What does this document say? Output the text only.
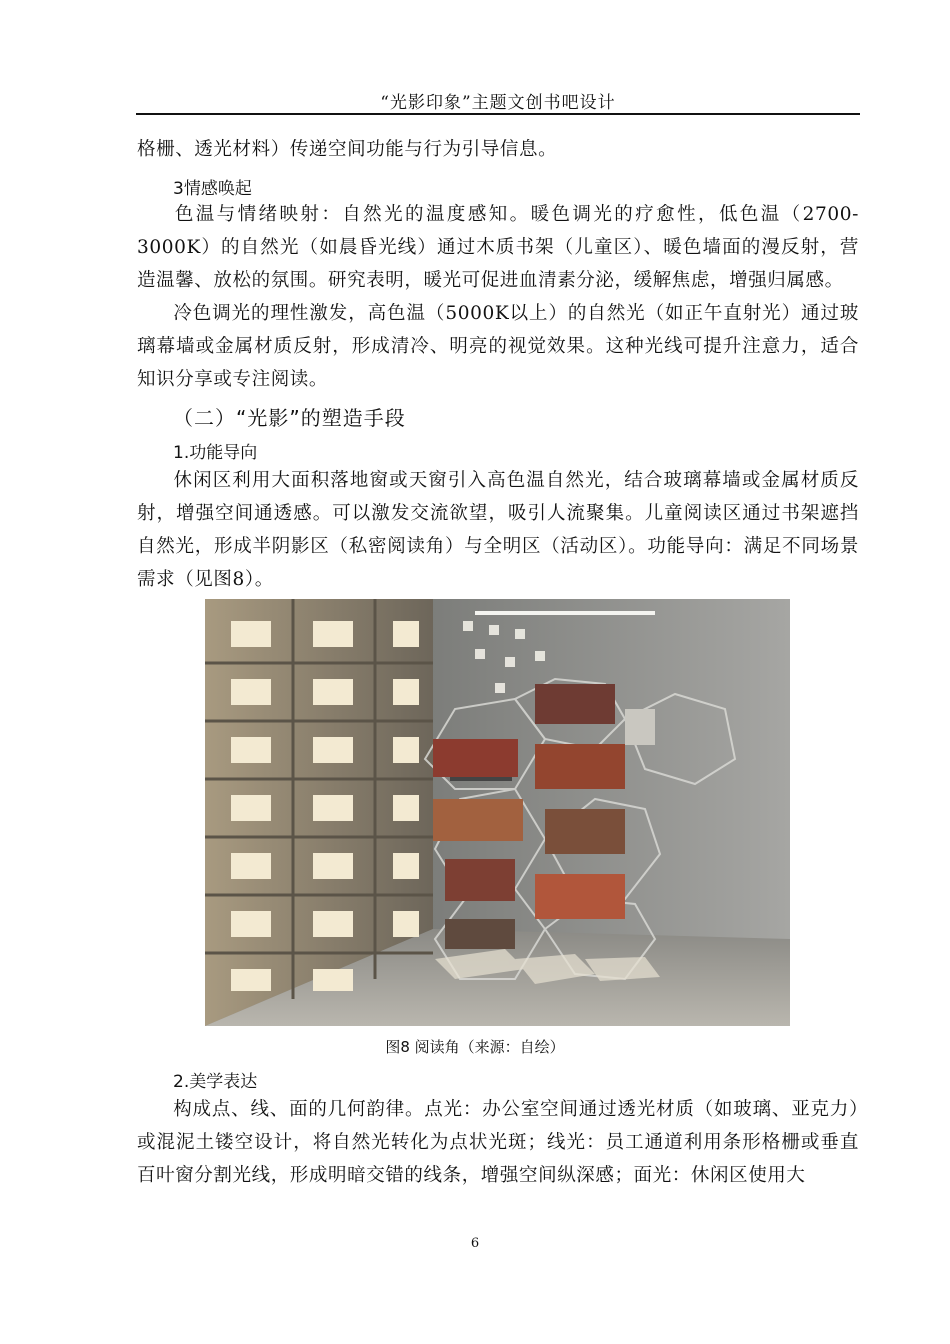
“光影印象”主题文创书吧设计

格栅、透光材料）传递空间功能与行为引导信息。

3情感唤起

色温与情绪映射：自然光的温度感知。暖色调光的疗愈性，低色温（2700-3000K）的自然光（如晨昏光线）通过木质书架（儿童区）、暖色墙面的漫反射，营造温馨、放松的氛围。研究表明，暖光可促进血清素分泌，缓解焦虑，增强归属感。

冷色调光的理性激发，高色温（5000K以上）的自然光（如正午直射光）通过玻璃幕墙或金属材质反射，形成清冷、明亮的视觉效果。这种光线可提升注意力，适合知识分享或专注阅读。

（二）“光影”的塑造手段

1.功能导向

休闲区利用大面积落地窗或天窗引入高色温自然光，结合玻璃幕墙或金属材质反射，增强空间通透感。可以激发交流欲望，吸引人流聚集。儿童阅读区通过书架遮挡自然光，形成半阴影区（私密阅读角）与全明区（活动区）。功能导向：满足不同场景需求（见图8）。

图8 阅读角（来源：自绘）

2.美学表达

构成点、线、面的几何韵律。点光：办公室空间通过透光材质（如玻璃、亚克力）或混泥土镂空设计，将自然光转化为点状光斑；线光：员工通道利用条形格栅或垂直百叶窗分割光线，形成明暗交错的线条，增强空间纵深感；面光：休闲区使用大

6
